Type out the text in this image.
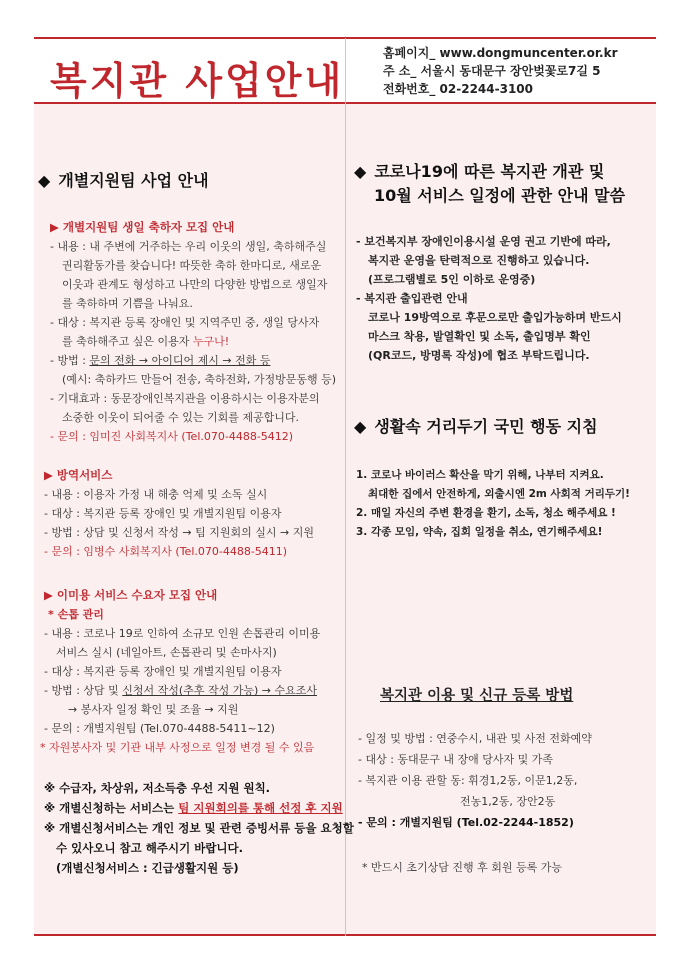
복지관 사업안내
홈페이지_ www.dongmuncenter.or.kr
주 소_ 서울시 동대문구 장안벚꽃로7길 5
전화번호_ 02-2244-3100
◆ 개별지원팀 사업 안내
▶ 개별지원팀 생일 축하자 모집 안내
- 내용 : 내 주변에 거주하는 우리 이웃의 생일, 축하해주실
권리활동가를 찾습니다! 따뜻한 축하 한마디로, 새로운
이웃과 관계도 형성하고 나만의 다양한 방법으로 생일자
를 축하하며 기쁨을 나눠요.
- 대상 : 복지관 등록 장애인 및 지역주민 중, 생일 당사자
를 축하해주고 싶은 이용자 누구나!
- 방법 : 문의 전화 → 아이디어 제시 → 전화 등
(예시: 축하카드 만들어 전송, 축하전화, 가정방문동행 등)
- 기대효과 : 동문장애인복지관을 이용하시는 이용자분의
소중한 이웃이 되어줄 수 있는 기회를 제공합니다.
- 문의 : 임미진 사회복지사 (Tel.070-4488-5412)
▶ 방역서비스
- 내용 : 이용자 가정 내 해충 억제 및 소독 실시
- 대상 : 복지관 등록 장애인 및 개별지원팀 이용자
- 방법 : 상담 및 신청서 작성 → 팀 지원회의 실시 → 지원
- 문의 : 임병수 사회복지사 (Tel.070-4488-5411)
▶ 이미용 서비스 수요자 모집 안내
* 손톱 관리
- 내용 : 코로나 19로 인하여 소규모 인원 손톱관리 이미용
서비스 실시 (네일아트, 손톱관리 및 손마사지)
- 대상 : 복지관 등록 장애인 및 개별지원팀 이용자
- 방법 : 상담 및 신청서 작성(추후 작성 가능) → 수요조사
→ 봉사자 일정 확인 및 조율 → 지원
- 문의 : 개별지원팀 (Tel.070-4488-5411~12)
* 자원봉사자 및 기관 내부 사정으로 일정 변경 될 수 있음
※ 수급자, 차상위, 저소득층 우선 지원 원칙.
※ 개별신청하는 서비스는 팀 지원회의를 통해 선정 후 지원
※ 개별신청서비스는 개인 정보 및 관련 증빙서류 등을 요청할
수 있사오니 참고 해주시기 바랍니다.
(개별신청서비스 : 긴급생활지원 등)
◆ 코로나19에 따른 복지관 개관 및
10월 서비스 일정에 관한 안내 말씀
- 보건복지부 장애인이용시설 운영 권고 기반에 따라,
복지관 운영을 탄력적으로 진행하고 있습니다.
(프로그램별로 5인 이하로 운영중)
- 복지관 출입관련 안내
코로나 19방역으로 후문으로만 출입가능하며 반드시
마스크 착용, 발열확인 및 소독, 출입명부 확인
(QR코드, 방명록 작성)에 협조 부탁드립니다.
◆ 생활속 거리두기 국민 행동 지침
1. 코로나 바이러스 확산을 막기 위해, 나부터 지켜요.
최대한 집에서 안전하게, 외출시엔 2m 사회적 거리두기!
2. 매일 자신의 주변 환경을 환기, 소독, 청소 해주세요 !
3. 각종 모임, 약속, 집회 일정을 취소, 연기해주세요!
복지관 이용 및 신규 등록 방법
- 일정 및 방법 : 연중수시, 내관 및 사전 전화예약
- 대상 : 동대문구 내 장애 당사자 및 가족
- 복지관 이용 관할 동: 휘경1,2동, 이문1,2동,
전농1,2동, 장안2동
- 문의 : 개별지원팀 (Tel.02-2244-1852)
* 반드시 초기상담 진행 후 회원 등록 가능
